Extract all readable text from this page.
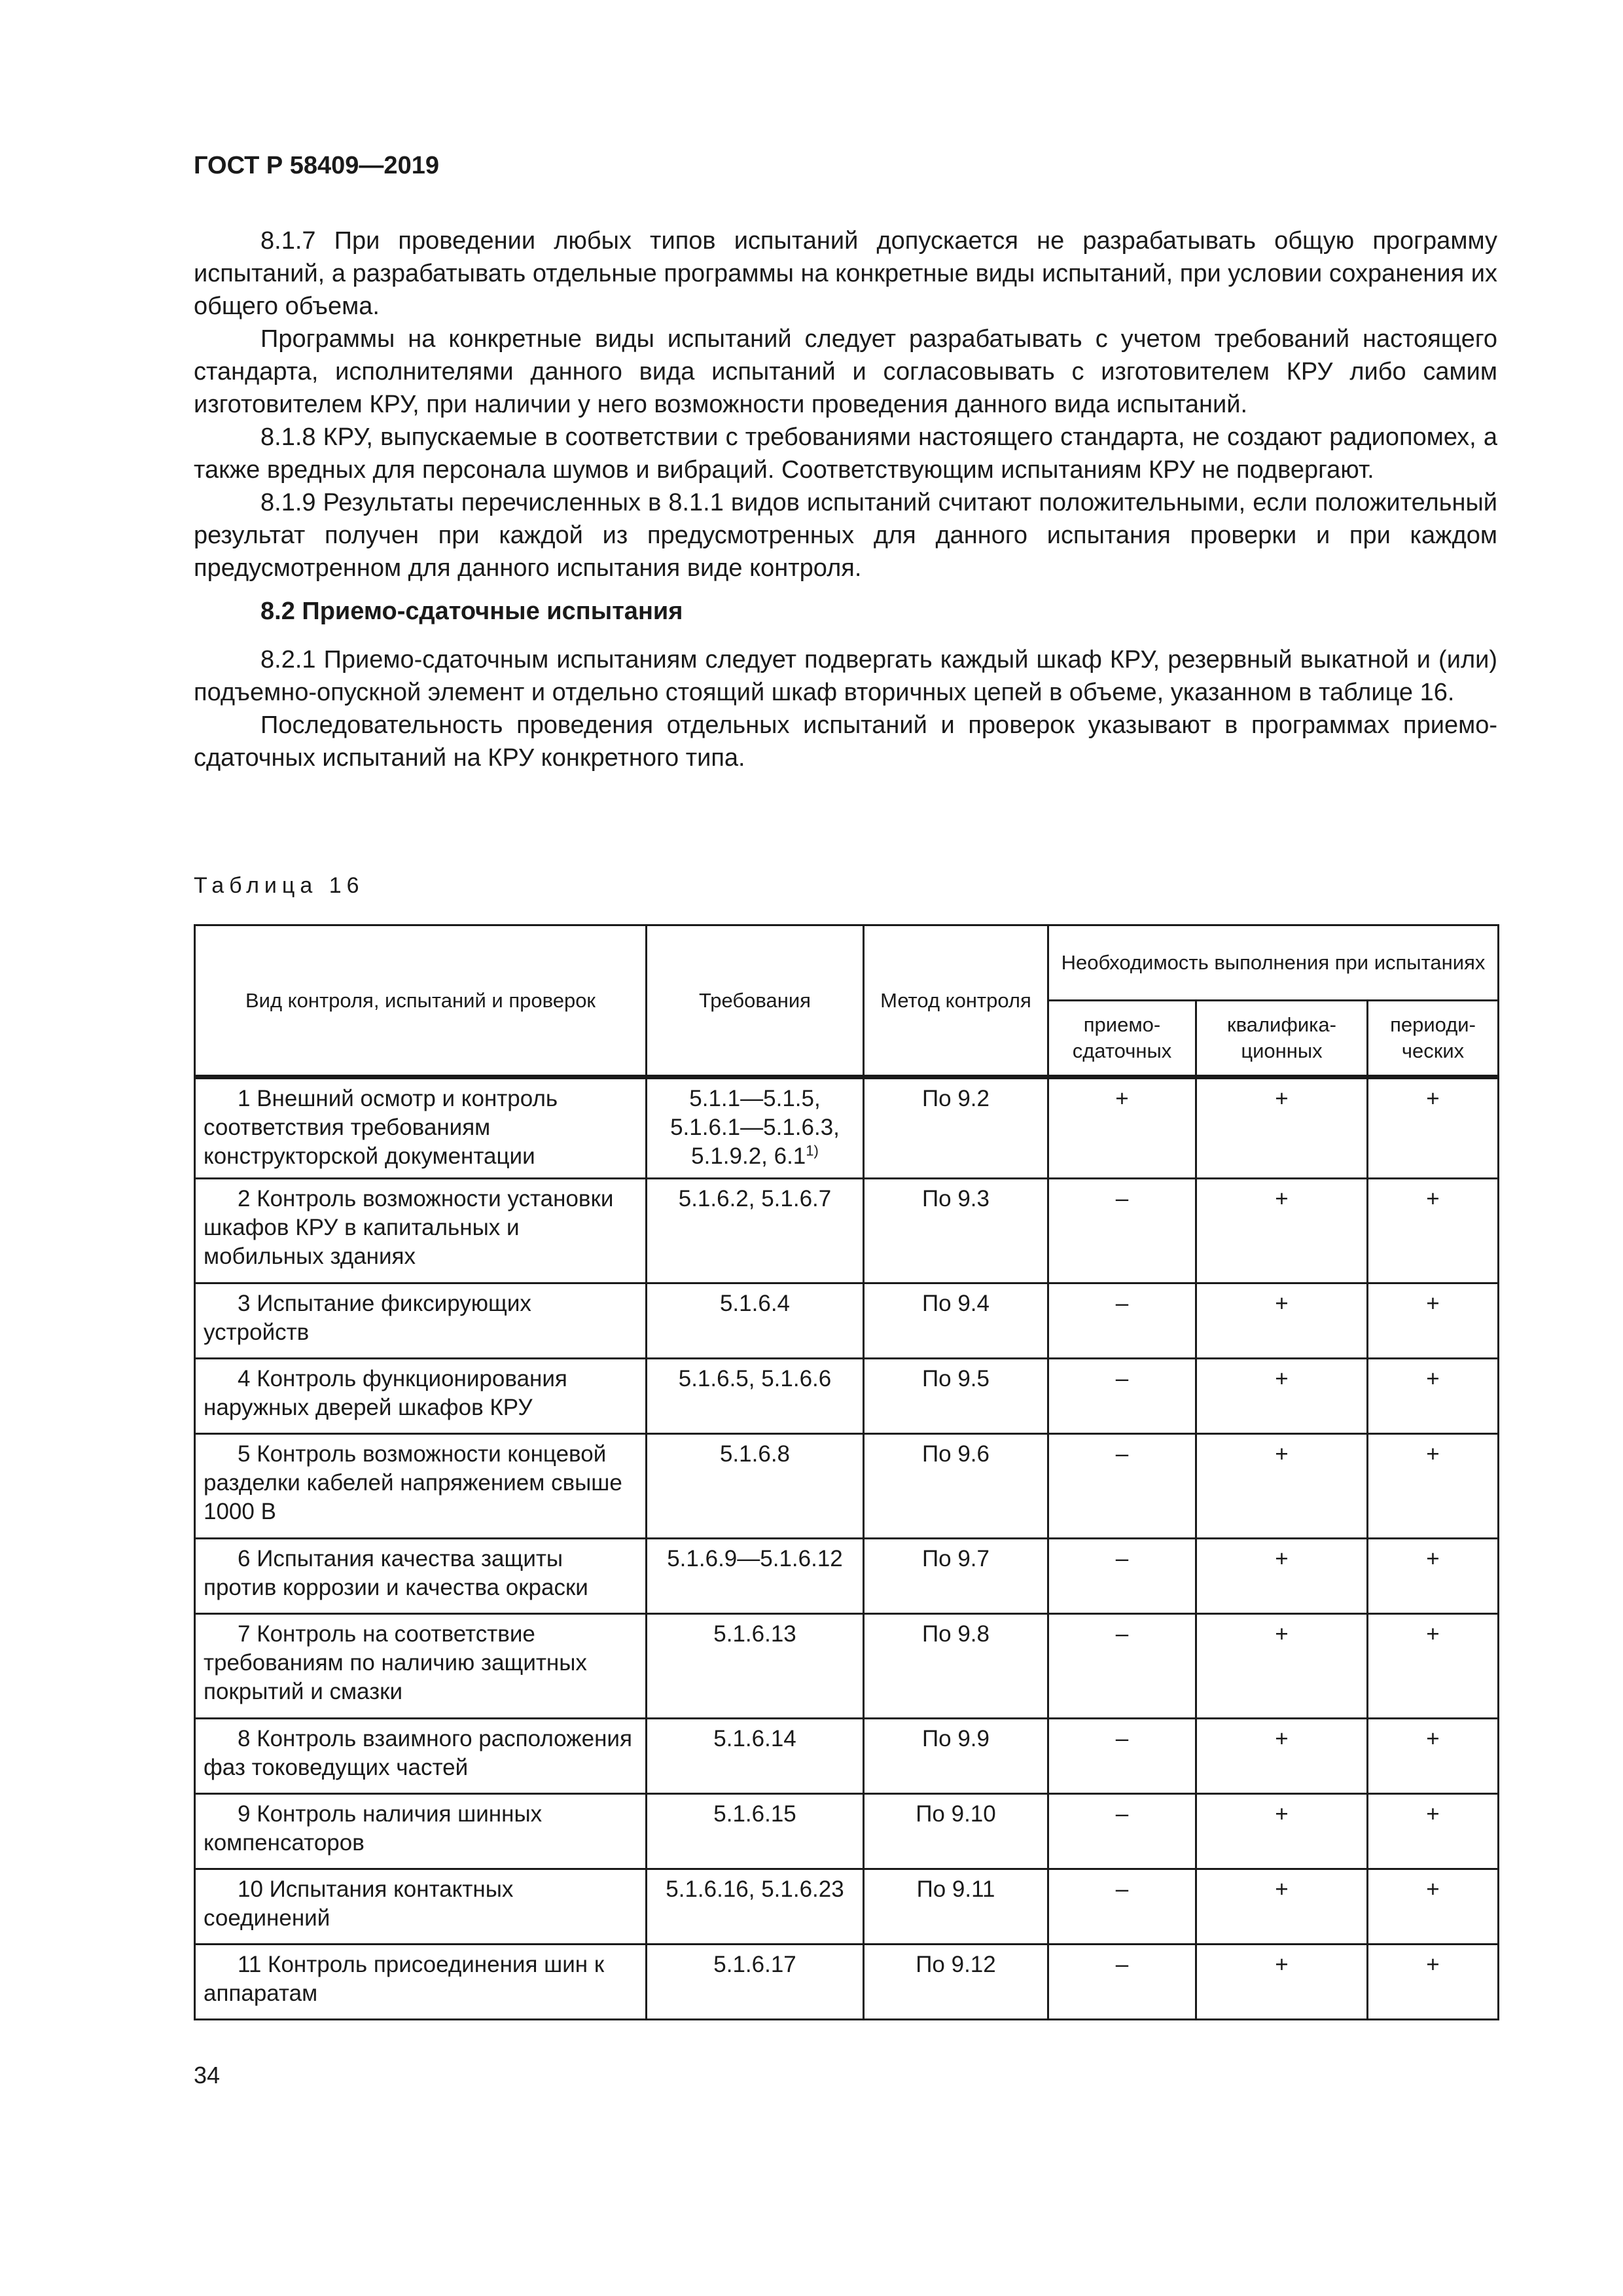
ГОСТ Р 58409—2019

8.1.7 При проведении любых типов испытаний допускается не разрабатывать общую программу испытаний, а разрабатывать отдельные программы на конкретные виды испытаний, при условии сохранения их общего объема.

Программы на конкретные виды испытаний следует разрабатывать с учетом требований настоящего стандарта, исполнителями данного вида испытаний и согласовывать с изготовителем КРУ либо самим изготовителем КРУ, при наличии у него возможности проведения данного вида испытаний.

8.1.8 КРУ, выпускаемые в соответствии с требованиями настоящего стандарта, не создают радиопомех, а также вредных для персонала шумов и вибраций. Соответствующим испытаниям КРУ не подвергают.

8.1.9 Результаты перечисленных в 8.1.1 видов испытаний считают положительными, если положительный результат получен при каждой из предусмотренных для данного испытания проверки и при каждом предусмотренном для данного испытания виде контроля.

8.2 Приемо-сдаточные испытания

8.2.1 Приемо-сдаточным испытаниям следует подвергать каждый шкаф КРУ, резервный выкатной и (или) подъемно-опускной элемент и отдельно стоящий шкаф вторичных цепей в объеме, указанном в таблице 16.

Последовательность проведения отдельных испытаний и проверок указывают в программах приемо-сдаточных испытаний на КРУ конкретного типа.

Таблица 16
Вид контроля, испытаний и проверок	Требования	Метод контроля	Необходимость выполнения при испытаниях		
			приемо-сдаточных	квалифика-ционных	периоди-ческих

1 Внешний осмотр и контроль соответствия требованиям конструкторской документации	5.1.1—5.1.5, 5.1.6.1—5.1.6.3, 5.1.9.2, 6.1$^{1)}$	По 9.2	+	+	+

2 Контроль возможности установки шкафов КРУ в капитальных и мобильных зданиях	5.1.6.2, 5.1.6.7	По 9.3	–	+	+

3 Испытание фиксирующих устройств	5.1.6.4	По 9.4	–	+	+

4 Контроль функционирования наружных дверей шкафов КРУ	5.1.6.5, 5.1.6.6	По 9.5	–	+	+

5 Контроль возможности концевой разделки кабелей напряжением свыше 1000 В	5.1.6.8	По 9.6	–	+	+

6 Испытания качества защиты против коррозии и качества окраски	5.1.6.9—5.1.6.12	По 9.7	–	+	+

7 Контроль на соответствие требованиям по наличию защитных покрытий и смазки	5.1.6.13	По 9.8	–	+	+

8 Контроль взаимного расположения фаз токоведущих частей	5.1.6.14	По 9.9	–	+	+

9 Контроль наличия шинных компенсаторов	5.1.6.15	По 9.10	–	+	+

10 Испытания контактных соединений	5.1.6.16, 5.1.6.23	По 9.11	–	+	+

11 Контроль присоединения шин к аппаратам	5.1.6.17	По 9.12	–	+	+
34
